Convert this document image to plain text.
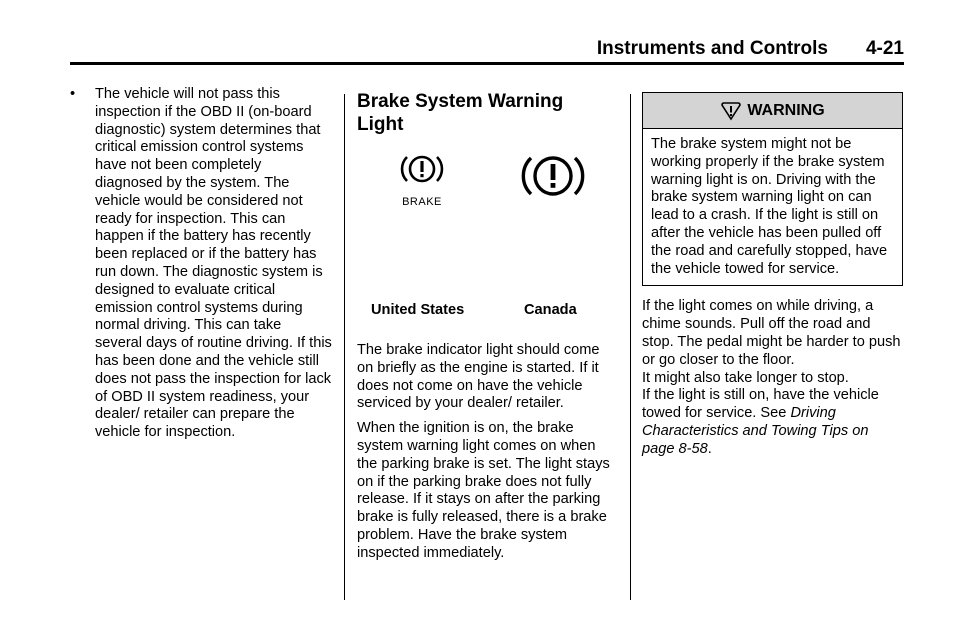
Instruments and Controls 4-21
•	The vehicle will not pass this inspection if the OBD II (on-board diagnostic) system determines that critical emission control systems have not been completely diagnosed by the system. The vehicle would be considered not ready for inspection. This can happen if the battery has recently been replaced or if the battery has run down. The diagnostic system is designed to evaluate critical emission control systems during normal driving. This can take several days of routine driving. If this has been done and the vehicle still does not pass the inspection for lack of OBD II system readiness, your dealer/ retailer can prepare the vehicle for inspection.
Brake System Warning Light
BRAKE
United States	Canada

The brake indicator light should come on briefly as the engine is started. If it does not come on have the vehicle serviced by your dealer/ retailer.

When the ignition is on, the brake system warning light comes on when the parking brake is set. The light stays on if the parking brake does not fully release. If it stays on after the parking brake is fully released, there is a brake problem. Have the brake system inspected immediately.

WARNING
The brake system might not be working properly if the brake system warning light is on. Driving with the brake system warning light on can lead to a crash. If the light is still on after the vehicle has been pulled off the road and carefully stopped, have the vehicle towed for service.

If the light comes on while driving, a chime sounds. Pull off the road and stop. The pedal might be harder to push or go closer to the floor.

It might also take longer to stop.

If the light is still on, have the vehicle towed for service. See Driving Characteristics and Towing Tips on page 8-58.
